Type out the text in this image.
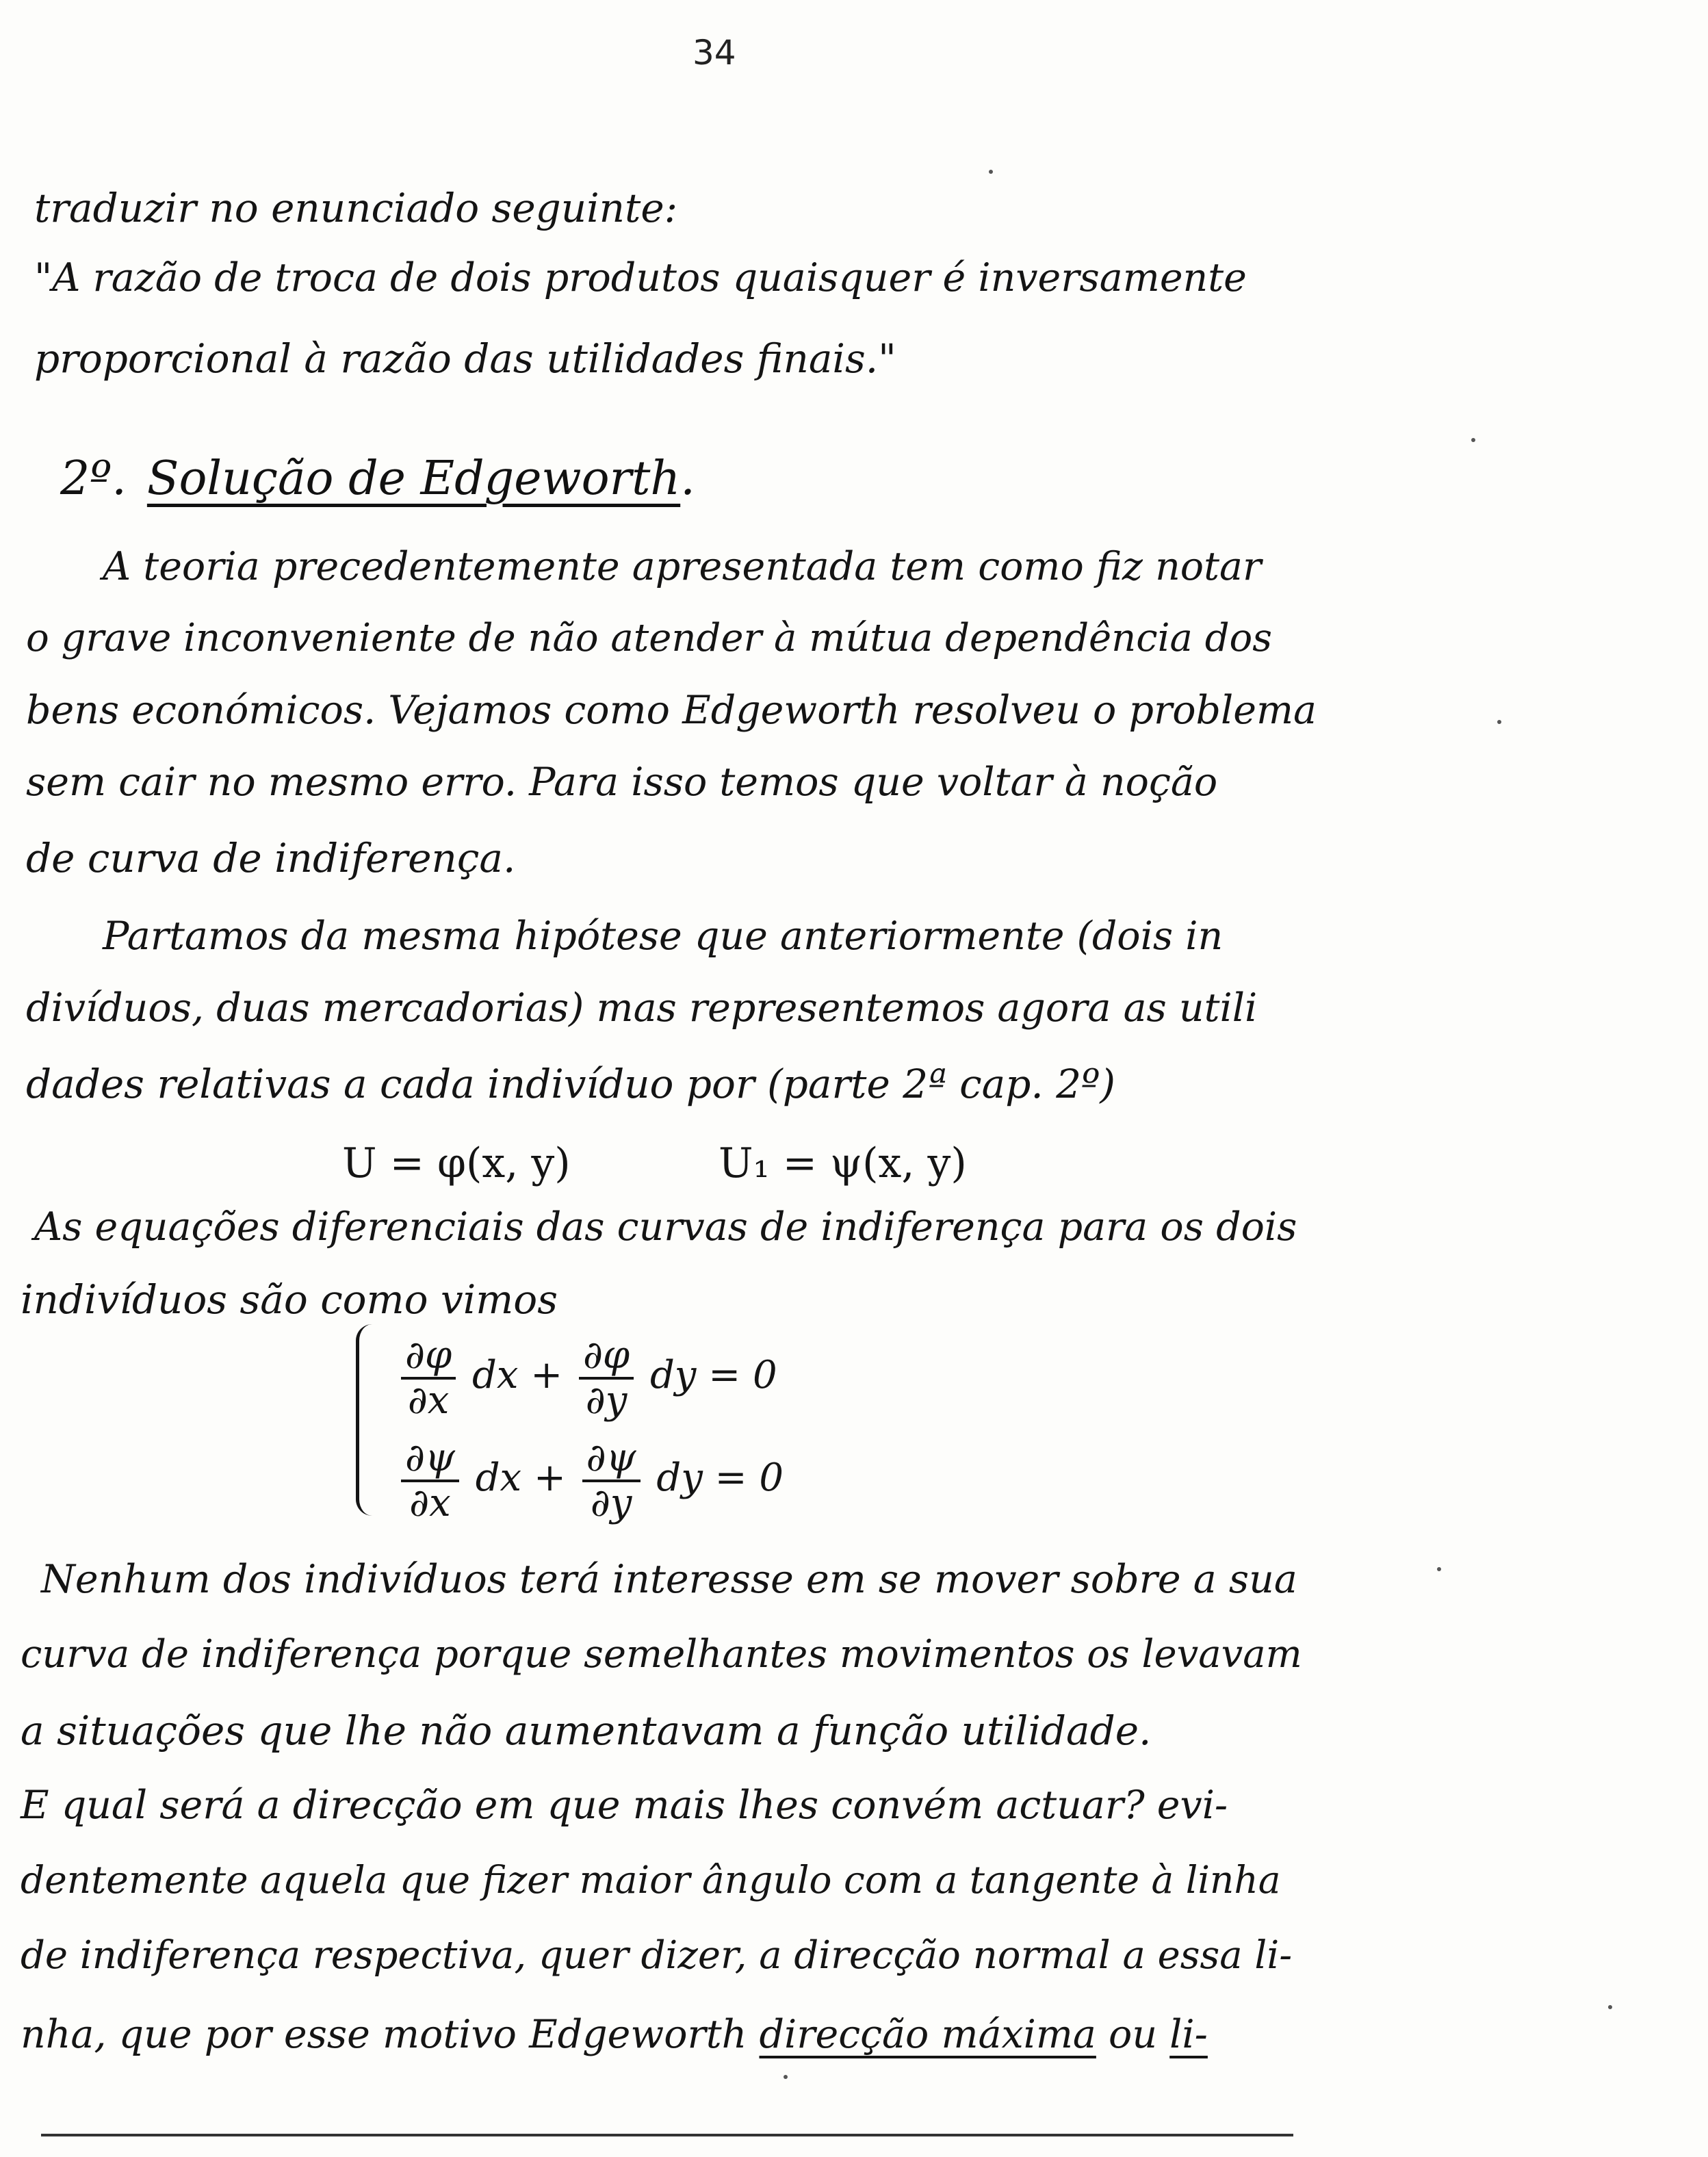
34
traduzir no enunciado seguinte:
"A razão de troca de dois produtos quaisquer é inversamente
proporcional à razão das utilidades finais."
2º. Solução de Edgeworth.
A teoria precedentemente apresentada tem como fiz notar
o grave inconveniente de não atender à mútua dependência dos
bens económicos. Vejamos como Edgeworth resolveu o problema
sem cair no mesmo erro. Para isso temos que voltar à noção
de curva de indiferença.
Partamos da mesma hipótese que anteriormente (dois in
divíduos, duas mercadorias) mas representemos agora as utili
dades relativas a cada indivíduo por (parte 2ª cap. 2º)
U = φ(x, y)	U₁ = ψ(x, y)
As equações diferenciais das curvas de indiferença para os dois
indivíduos são como vimos
$\frac{\partial\varphi}{\partial x}$ dx + $\frac{\partial\varphi}{\partial y}$ dy = 0
$\frac{\partial\psi}{\partial x}$ dx + $\frac{\partial\psi}{\partial y}$ dy = 0
Nenhum dos indivíduos terá interesse em se mover sobre a sua
curva de indiferença porque semelhantes movimentos os levavam
a situações que lhe não aumentavam a função utilidade.
E qual será a direcção em que mais lhes convém actuar? evi-
dentemente aquela que fizer maior ângulo com a tangente à linha
de indiferença respectiva, quer dizer, a direcção normal a essa li-
nha, que por esse motivo Edgeworth direcção máxima ou li-
